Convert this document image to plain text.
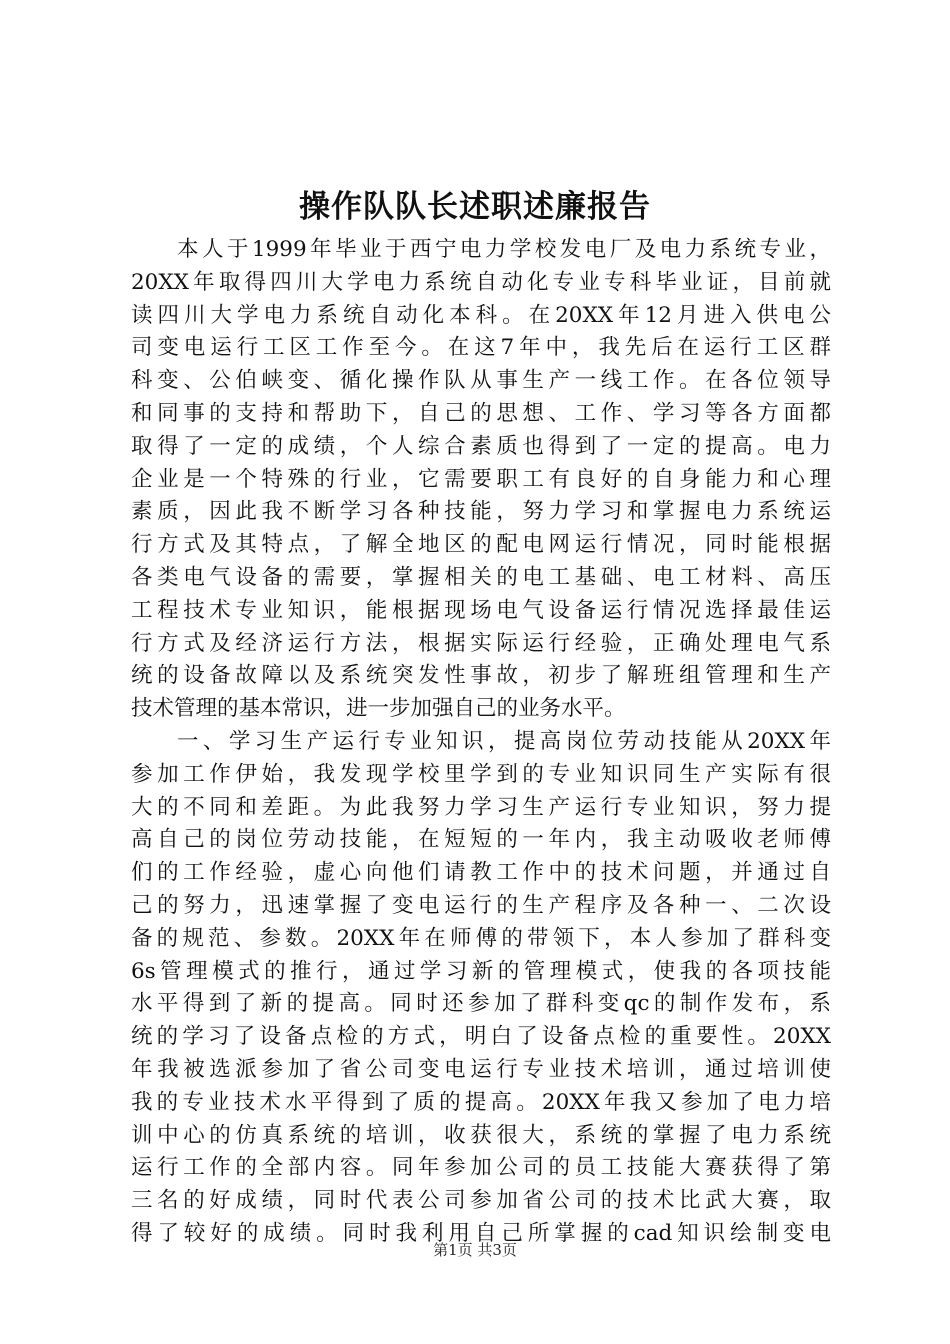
操作队队长述职述廉报告
本人于1999年毕业于西宁电力学校发电厂及电力系统专业，
20XX年取得四川大学电力系统自动化专业专科毕业证，目前就
读四川大学电力系统自动化本科。在20XX年12月进入供电公
司变电运行工区工作至今。在这7年中，我先后在运行工区群
科变、公伯峡变、循化操作队从事生产一线工作。在各位领导
和同事的支持和帮助下，自己的思想、工作、学习等各方面都
取得了一定的成绩，个人综合素质也得到了一定的提高。电力
企业是一个特殊的行业，它需要职工有良好的自身能力和心理
素质，因此我不断学习各种技能，努力学习和掌握电力系统运
行方式及其特点，了解全地区的配电网运行情况，同时能根据
各类电气设备的需要，掌握相关的电工基础、电工材料、高压
工程技术专业知识，能根据现场电气设备运行情况选择最佳运
行方式及经济运行方法，根据实际运行经验，正确处理电气系
统的设备故障以及系统突发性事故，初步了解班组管理和生产
技术管理的基本常识，进一步加强自己的业务水平。
一、学习生产运行专业知识，提高岗位劳动技能从20XX年
参加工作伊始，我发现学校里学到的专业知识同生产实际有很
大的不同和差距。为此我努力学习生产运行专业知识，努力提
高自己的岗位劳动技能，在短短的一年内，我主动吸收老师傅
们的工作经验，虚心向他们请教工作中的技术问题，并通过自
己的努力，迅速掌握了变电运行的生产程序及各种一、二次设
备的规范、参数。20XX年在师傅的带领下，本人参加了群科变
6s管理模式的推行，通过学习新的管理模式，使我的各项技能
水平得到了新的提高。同时还参加了群科变qc的制作发布，系
统的学习了设备点检的方式，明白了设备点检的重要性。20XX
年我被选派参加了省公司变电运行专业技术培训，通过培训使
我的专业技术水平得到了质的提高。20XX年我又参加了电力培
训中心的仿真系统的培训，收获很大，系统的掌握了电力系统
运行工作的全部内容。同年参加公司的员工技能大赛获得了第
三名的好成绩，同时代表公司参加省公司的技术比武大赛，取
得了较好的成绩。同时我利用自己所掌握的cad知识绘制变电
第1页 共3页
